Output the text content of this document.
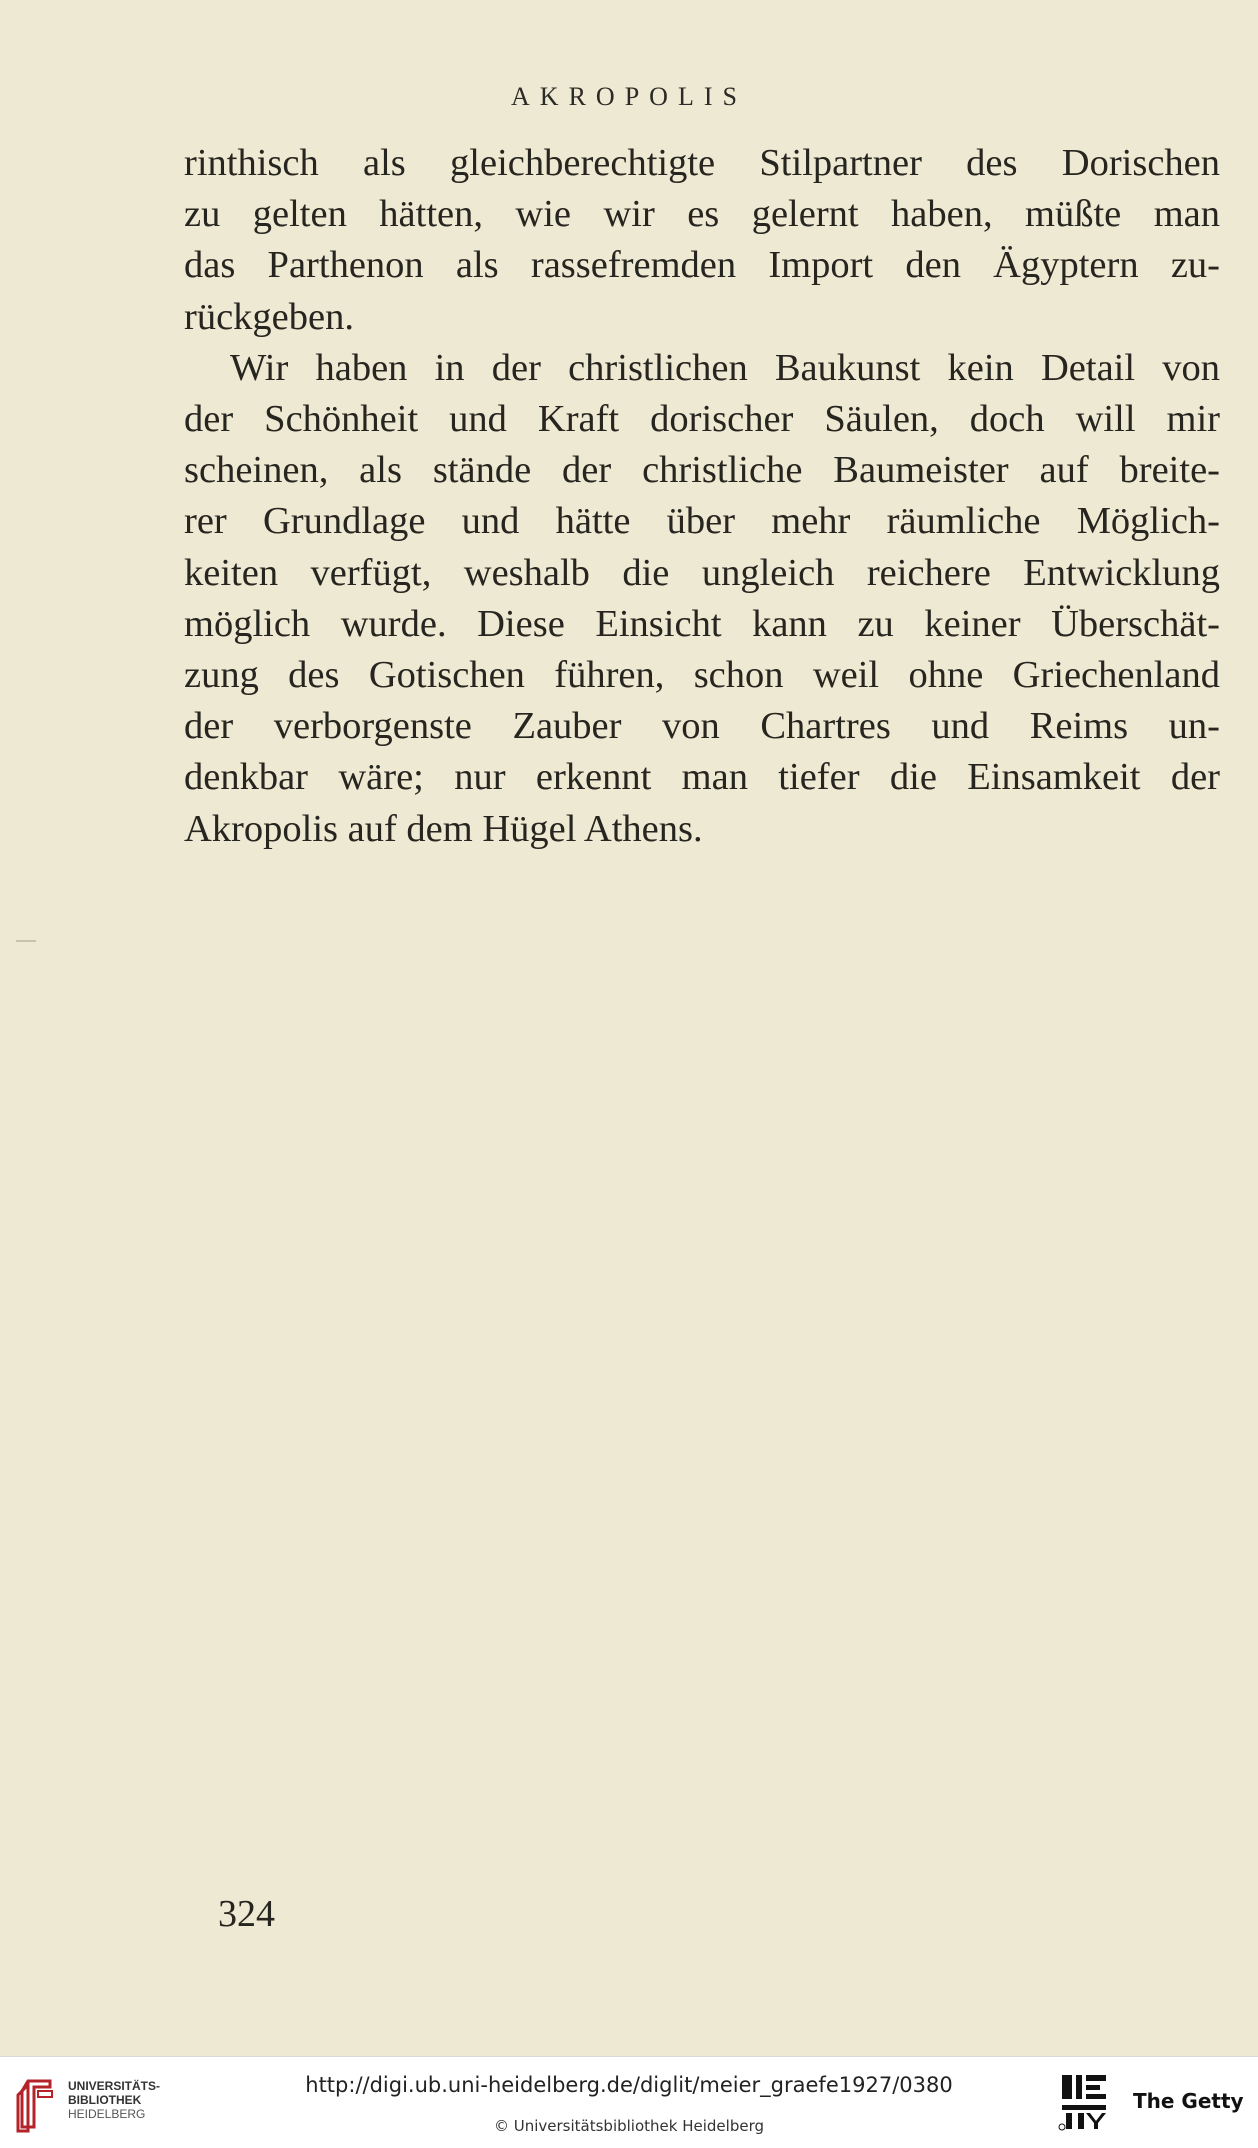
AKROPOLIS

rinthisch als gleichberechtigte Stilpartner des Dorischen
zu gelten hätten, wie wir es gelernt haben, müßte man
das Parthenon als rassefremden Import den Ägyptern zu-
rückgeben.

Wir haben in der christlichen Baukunst kein Detail von
der Schönheit und Kraft dorischer Säulen, doch will mir
scheinen, als stände der christliche Baumeister auf breite-
rer Grundlage und hätte über mehr räumliche Möglich-
keiten verfügt, weshalb die ungleich reichere Entwicklung
möglich wurde. Diese Einsicht kann zu keiner Überschät-
zung des Gotischen führen, schon weil ohne Griechenland
der verborgenste Zauber von Chartres und Reims un-
denkbar wäre; nur erkennt man tiefer die Einsamkeit der
Akropolis auf dem Hügel Athens.

324
UNIVERSITÄTS-
BIBLIOTHEK
HEIDELBERG
http://digi.ub.uni-heidelberg.de/diglit/meier_graefe1927/0380
© Universitätsbibliothek Heidelberg
The Getty
